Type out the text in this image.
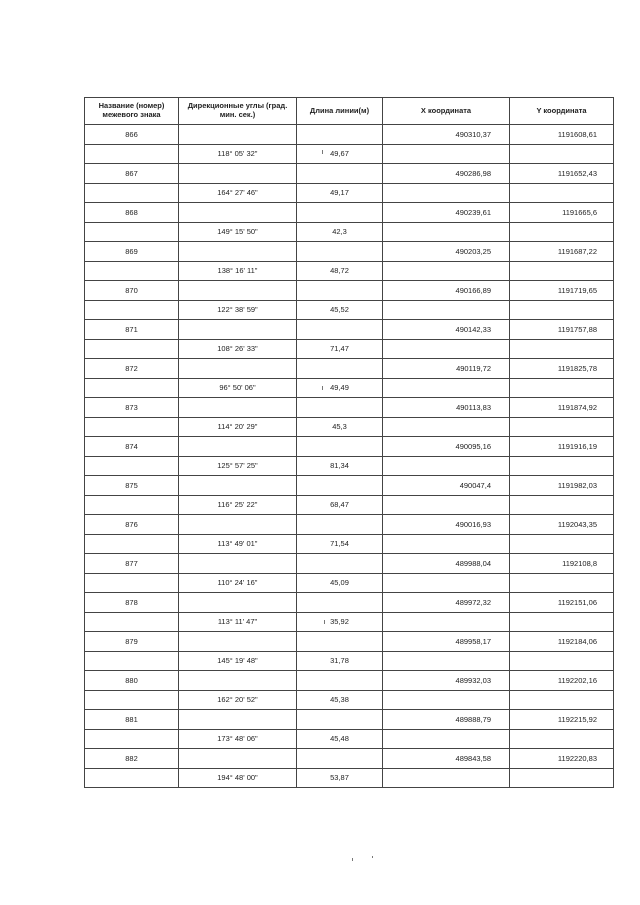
Название (номер) межевого знака	Дирекционные углы (град. мин. сек.)	Длина линии(м)	X координата	Y координата
866			490310,37	1191608,61
	118° 05' 32"	49,67		
867			490286,98	1191652,43
	164° 27' 46"	49,17		
868			490239,61	1191665,6
	149° 15' 50"	42,3		
869			490203,25	1191687,22
	138° 16' 11"	48,72		
870			490166,89	1191719,65
	122° 38' 59"	45,52		
871			490142,33	1191757,88
	108° 26' 33"	71,47		
872			490119,72	1191825,78
	96° 50' 06"	49,49		
873			490113,83	1191874,92
	114° 20' 29"	45,3		
874			490095,16	1191916,19
	125° 57' 25"	81,34		
875			490047,4	1191982,03
	116° 25' 22"	68,47		
876			490016,93	1192043,35
	113° 49' 01"	71,54		
877			489988,04	1192108,8
	110° 24' 16"	45,09		
878			489972,32	1192151,06
	113° 11' 47"	35,92		
879			489958,17	1192184,06
	145° 19' 48"	31,78		
880			489932,03	1192202,16
	162° 20' 52"	45,38		
881			489888,79	1192215,92
	173° 48' 06"	45,48		
882			489843,58	1192220,83
	194° 48' 00"	53,87		
